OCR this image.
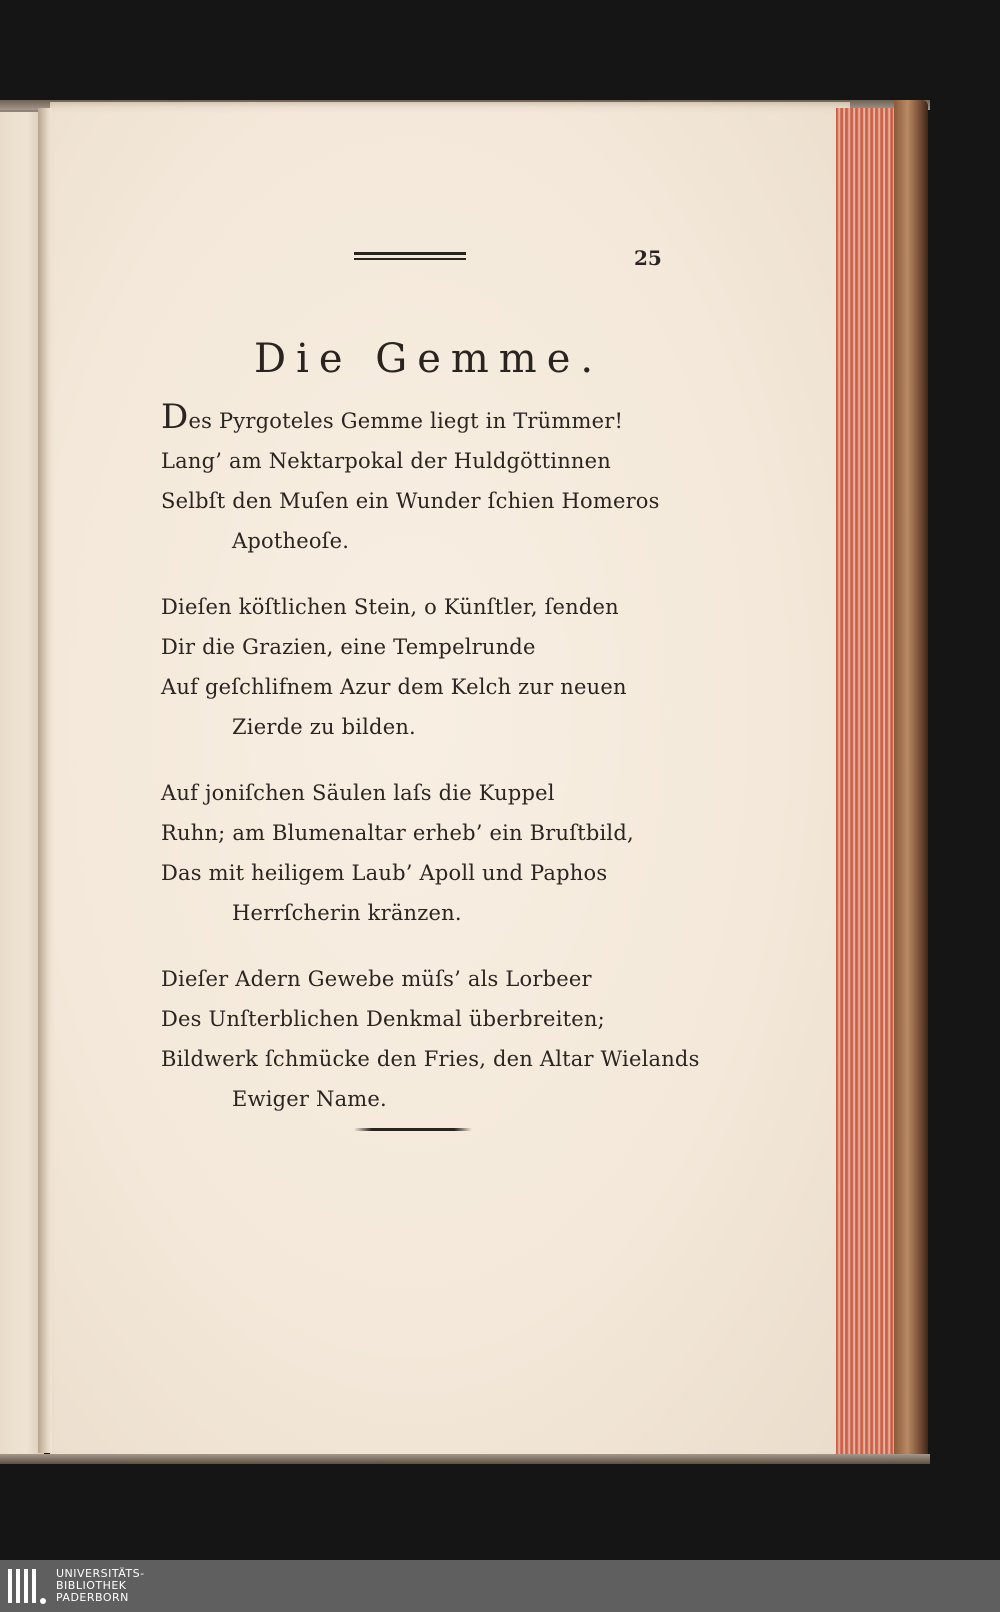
25
Die Gemme.
Des Pyrgoteles Gemme liegt in Trümmer!
Lang’ am Nektarpokal der Huldgöttinnen
Selbſt den Muſen ein Wunder ſchien Homeros
Apotheoſe.
Dieſen köſtlichen Stein, o Künſtler, ſenden
Dir die Grazien, eine Tempelrunde
Auf geſchlifnem Azur dem Kelch zur neuen
Zierde zu bilden.
Auf joniſchen Säulen laſs die Kuppel
Ruhn; am Blumenaltar erheb’ ein Bruſtbild,
Das mit heiligem Laub’ Apoll und Paphos
Herrſcherin kränzen.
Dieſer Adern Gewebe müſs’ als Lorbeer
Des Unſterblichen Denkmal überbreiten;
Bildwerk ſchmücke den Fries, den Altar Wielands
Ewiger Name.
UNIVERSITÄTS-
BIBLIOTHEK
PADERBORN
